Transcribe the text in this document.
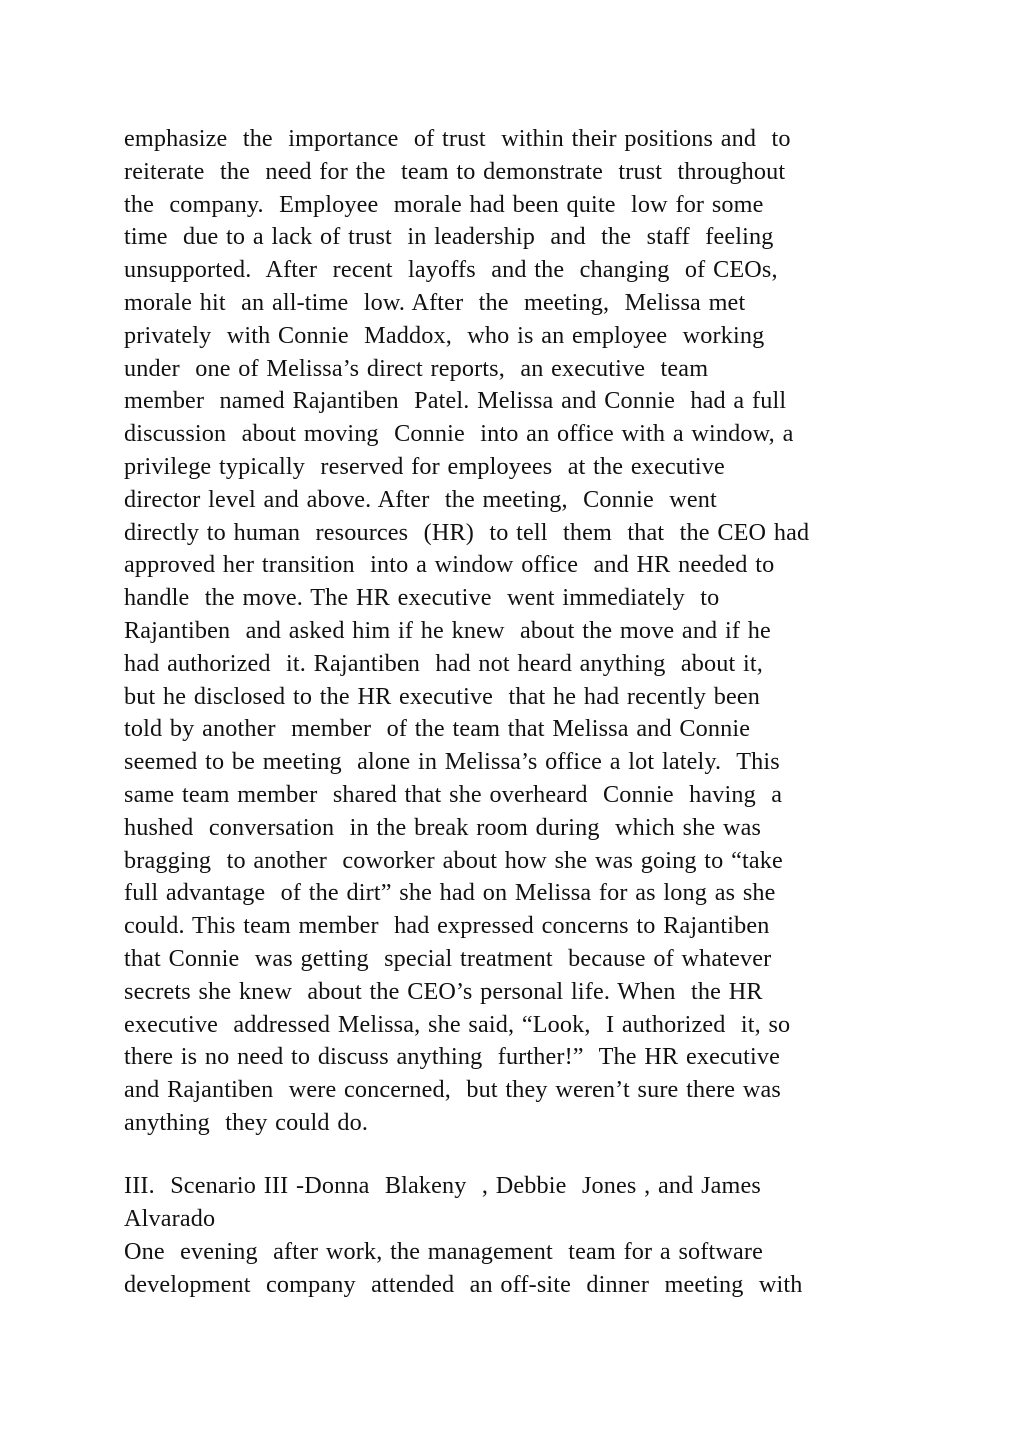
emphasize  the  importance  of trust  within their positions and  to
reiterate  the  need for the  team to demonstrate  trust  throughout
the  company.  Employee  morale had been quite  low for some
time  due to a lack of trust  in leadership  and  the  staff  feeling
unsupported.  After  recent  layoffs  and the  changing  of CEOs,
morale hit  an all-time  low. After  the  meeting,  Melissa met
privately  with Connie  Maddox,  who is an employee  working
under  one of Melissa’s direct reports,  an executive  team
member  named Rajantiben  Patel. Melissa and Connie  had a full
discussion  about moving  Connie  into an office with a window, a
privilege typically  reserved for employees  at the executive
director level and above. After  the meeting,  Connie  went
directly to human  resources  (HR)  to tell  them  that  the CEO had
approved her transition  into a window office  and HR needed to
handle  the move. The HR executive  went immediately  to
Rajantiben  and asked him if he knew  about the move and if he
had authorized  it. Rajantiben  had not heard anything  about it,
but he disclosed to the HR executive  that he had recently been
told by another  member  of the team that Melissa and Connie
seemed to be meeting  alone in Melissa’s office a lot lately.  This
same team member  shared that she overheard  Connie  having  a
hushed  conversation  in the break room during  which she was
bragging  to another  coworker about how she was going to “take
full advantage  of the dirt” she had on Melissa for as long as she
could. This team member  had expressed concerns to Rajantiben
that Connie  was getting  special treatment  because of whatever
secrets she knew  about the CEO’s personal life. When  the HR
executive  addressed Melissa, she said, “Look,  I authorized  it, so
there is no need to discuss anything  further!”  The HR executive
and Rajantiben  were concerned,  but they weren’t sure there was
anything  they could do.
III.  Scenario III -Donna  Blakeny  , Debbie  Jones , and James
Alvarado
One  evening  after work, the management  team for a software
development  company  attended  an off-site  dinner  meeting  with
